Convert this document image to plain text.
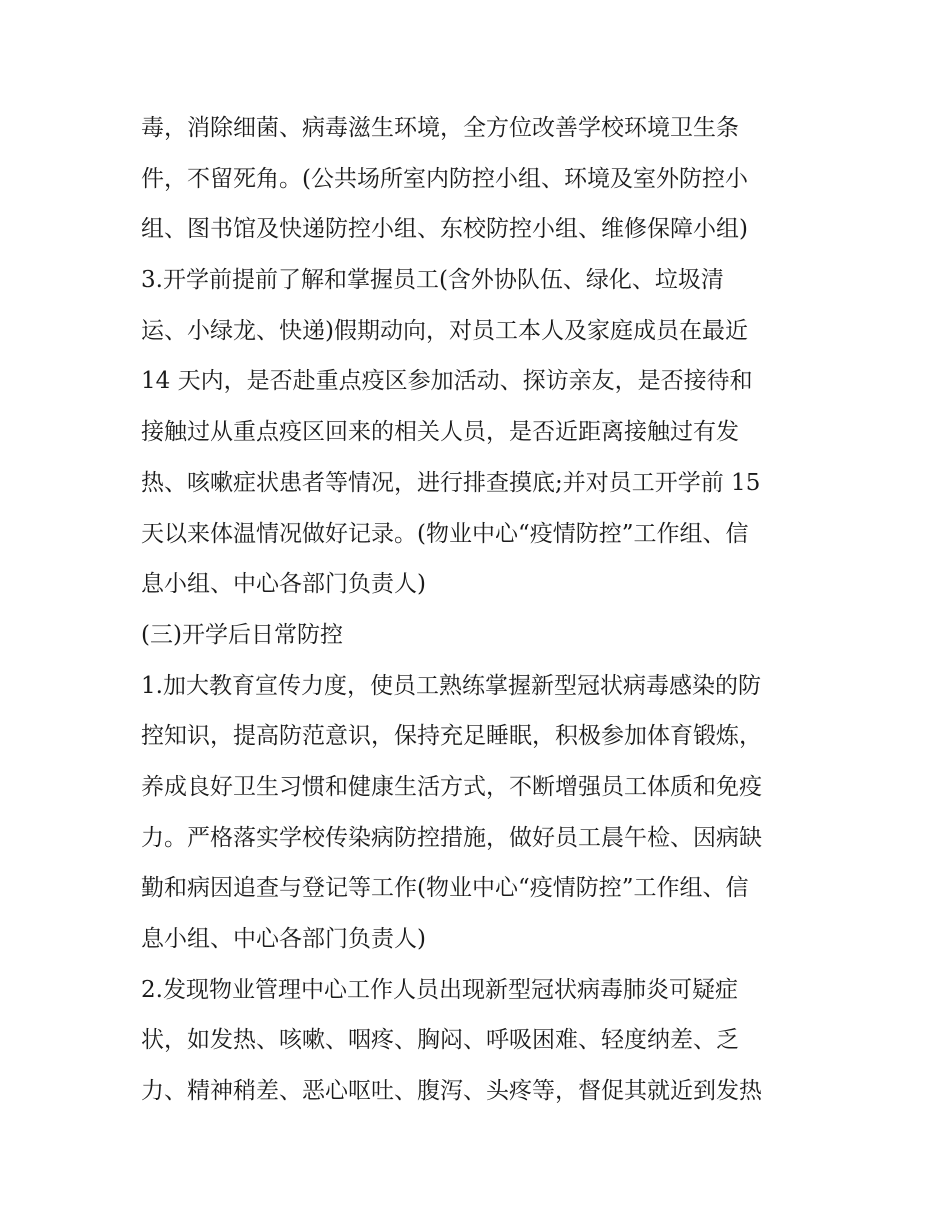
毒，消除细菌、病毒滋生环境，全方位改善学校环境卫生条
件，不留死角。(公共场所室内防控小组、环境及室外防控小
组、图书馆及快递防控小组、东校防控小组、维修保障小组)
3.开学前提前了解和掌握员工(含外协队伍、绿化、垃圾清
运、小绿龙、快递)假期动向，对员工本人及家庭成员在最近
14 天内，是否赴重点疫区参加活动、探访亲友，是否接待和
接触过从重点疫区回来的相关人员，是否近距离接触过有发
热、咳嗽症状患者等情况，进行排查摸底;并对员工开学前 15
天以来体温情况做好记录。(物业中心“疫情防控”工作组、信
息小组、中心各部门负责人)
(三)开学后日常防控
1.加大教育宣传力度，使员工熟练掌握新型冠状病毒感染的防
控知识，提高防范意识，保持充足睡眠，积极参加体育锻炼，
养成良好卫生习惯和健康生活方式，不断增强员工体质和免疫
力。严格落实学校传染病防控措施，做好员工晨午检、因病缺
勤和病因追查与登记等工作(物业中心“疫情防控”工作组、信
息小组、中心各部门负责人)
2.发现物业管理中心工作人员出现新型冠状病毒肺炎可疑症
状，如发热、咳嗽、咽疼、胸闷、呼吸困难、轻度纳差、乏
力、精神稍差、恶心呕吐、腹泻、头疼等，督促其就近到发热
